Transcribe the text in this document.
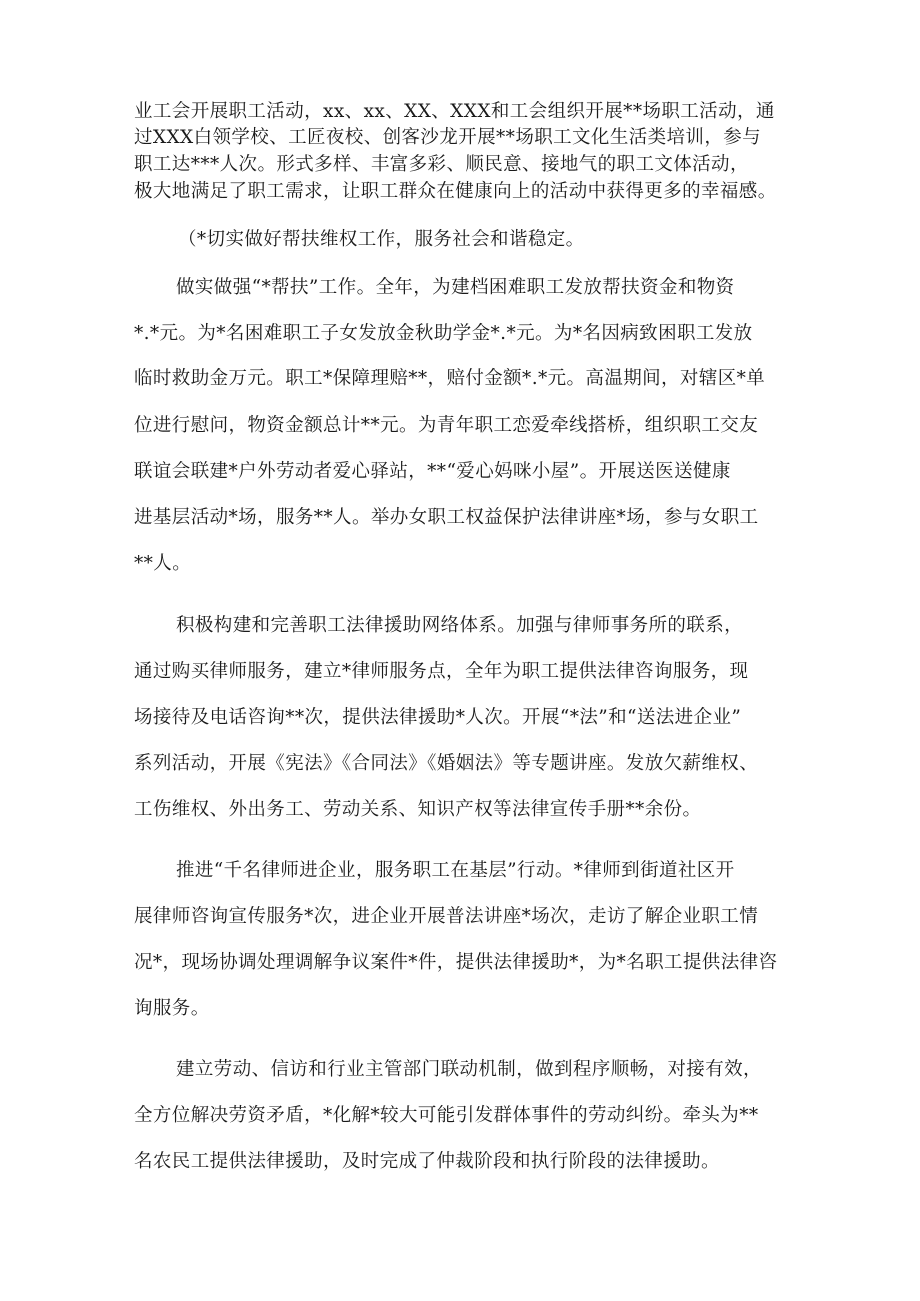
业工会开展职工活动，xx、xx、XX、XXX和工会组织开展**场职工活动，通
过XXX白领学校、工匠夜校、创客沙龙开展**场职工文化生活类培训，参与
职工达***人次。形式多样、丰富多彩、顺民意、接地气的职工文体活动，
极大地满足了职工需求，让职工群众在健康向上的活动中获得更多的幸福感。
（*切实做好帮扶维权工作，服务社会和谐稳定。
做实做强“*帮扶”工作。全年，为建档困难职工发放帮扶资金和物资
*.*元。为*名困难职工子女发放金秋助学金*.*元。为*名因病致困职工发放
临时救助金万元。职工*保障理赔**，赔付金额*.*元。高温期间，对辖区*单
位进行慰问，物资金额总计**元。为青年职工恋爱牵线搭桥，组织职工交友
联谊会联建*户外劳动者爱心驿站，**“爱心妈咪小屋”。开展送医送健康
进基层活动*场，服务**人。举办女职工权益保护法律讲座*场，参与女职工
**人。
积极构建和完善职工法律援助网络体系。加强与律师事务所的联系，
通过购买律师服务，建立*律师服务点，全年为职工提供法律咨询服务，现
场接待及电话咨询**次，提供法律援助*人次。开展“*法”和“送法进企业”
系列活动，开展《宪法》《合同法》《婚姻法》等专题讲座。发放欠薪维权、
工伤维权、外出务工、劳动关系、知识产权等法律宣传手册**余份。
推进“千名律师进企业，服务职工在基层”行动。*律师到街道社区开
展律师咨询宣传服务*次，进企业开展普法讲座*场次，走访了解企业职工情
况*，现场协调处理调解争议案件*件，提供法律援助*，为*名职工提供法律咨
询服务。
建立劳动、信访和行业主管部门联动机制，做到程序顺畅，对接有效，
全方位解决劳资矛盾，*化解*较大可能引发群体事件的劳动纠纷。牵头为**
名农民工提供法律援助，及时完成了仲裁阶段和执行阶段的法律援助。
